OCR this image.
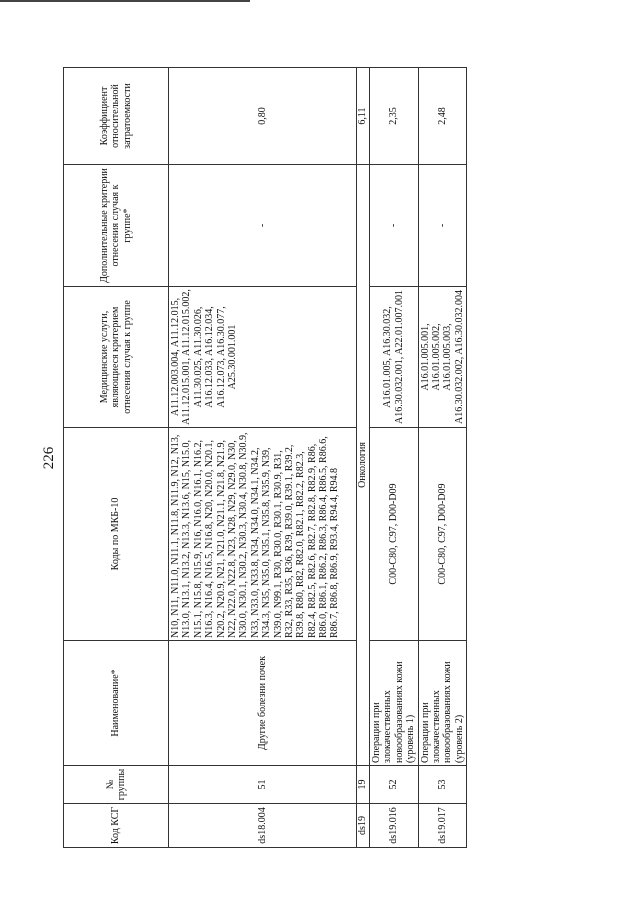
226
Код КСГ	№ группы	Наименование*	Коды по МКБ-10	Медицинские услуги, являющиеся критерием отнесения случая к группе	Дополнительные критерии отнесения случая к группе*	Коэффициент относительной затратоемкости
ds18.004	51	Другие болезни почек	N10, N11, N11.0, N11.1, N11.8, N11.9, N12, N13, N13.0, N13.1, N13.2, N13.3, N13.6, N15, N15.0, N15.1, N15.8, N15.9, N16, N16.0, N16.1, N16.2, N16.3, N16.4, N16.5, N16.8, N20, N20.0, N20.1, N20.2, N20.9, N21, N21.0, N21.1, N21.8, N21.9, N22, N22.0, N22.8, N23, N28, N29, N29.0, N30, N30.0, N30.1, N30.2, N30.3, N30.4, N30.8, N30.9, N33, N33.0, N33.8, N34, N34.0, N34.1, N34.2, N34.3, N35, N35.0, N35.1, N35.8, N35.9, N39, N39.0, N99.1, R30, R30.0, R30.1, R30.9, R31, R32, R33, R35, R36, R39, R39.0, R39.1, R39.2, R39.8, R80, R82, R82.0, R82.1, R82.2, R82.3, R82.4, R82.5, R82.6, R82.7, R82.8, R82.9, R86, R86.0, R86.1, R86.2, R86.3, R86.4, R86.5, R86.6, R86.7, R86.8, R86.9, R93.4, R94.4, R94.8	A11.12.003.004, A11.12.015, A11.12.015.001, A11.12.015.002, A11.30.025, A11.30.026, A16.12.033, A16.12.034, A16.12.073, A16.30.077, A25.30.001.001	-	0,80
ds19	19	Онкология				6,11
ds19.016	52	Операции при злокачественных новообразованиях кожи (уровень 1)	C00-C80, C97, D00-D09	A16.01.005, A16.30.032, A16.30.032.001, A22.01.007.001	-	2,35
ds19.017	53	Операции при злокачественных новообразованиях кожи (уровень 2)	C00-C80, C97, D00-D09	A16.01.005.001, A16.01.005.002, A16.01.005.003, A16.30.032.002, A16.30.032.004	-	2,48
